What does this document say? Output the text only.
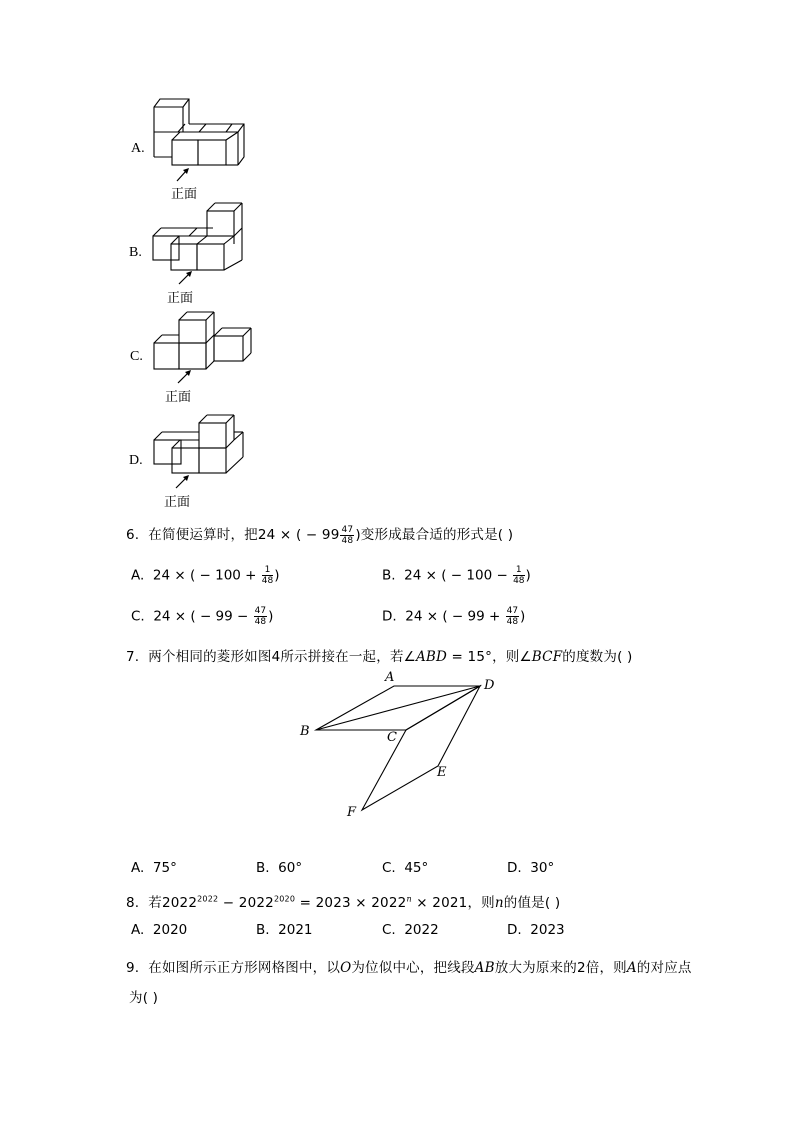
A.
正面
B.
正面
C.
正面
D.
正面
6. 在简便运算时，把24 × ( − $99 \frac{47}{48}$ )变形成最合适的形式是( )
A. 24 × ( − $100 + \frac{1}{48}$ )	B. 24 × ( − $100 - \frac{1}{48}$ )
C. 24 × ( − $99 - \frac{47}{48}$ )	D. 24 × ( − $99 + \frac{47}{48}$ )
7. 两个相同的菱形如图4所示拼接在一起，若∠ABD = 15°，则∠BCF的度数为( )
A
D
B	C
E
F
A. 75°	B. 60°	C. 45°	D. 30°
8. 若$2022^{2022} - 2022^{2020} = 2023 \times 2022^n \times 2021$，则n的值是( )
A. 2020	B. 2021	C. 2022	D. 2023
9. 在如图所示正方形网格图中，以O为位似中心，把线段AB放大为原来的2倍，则A的对应点
为( )
